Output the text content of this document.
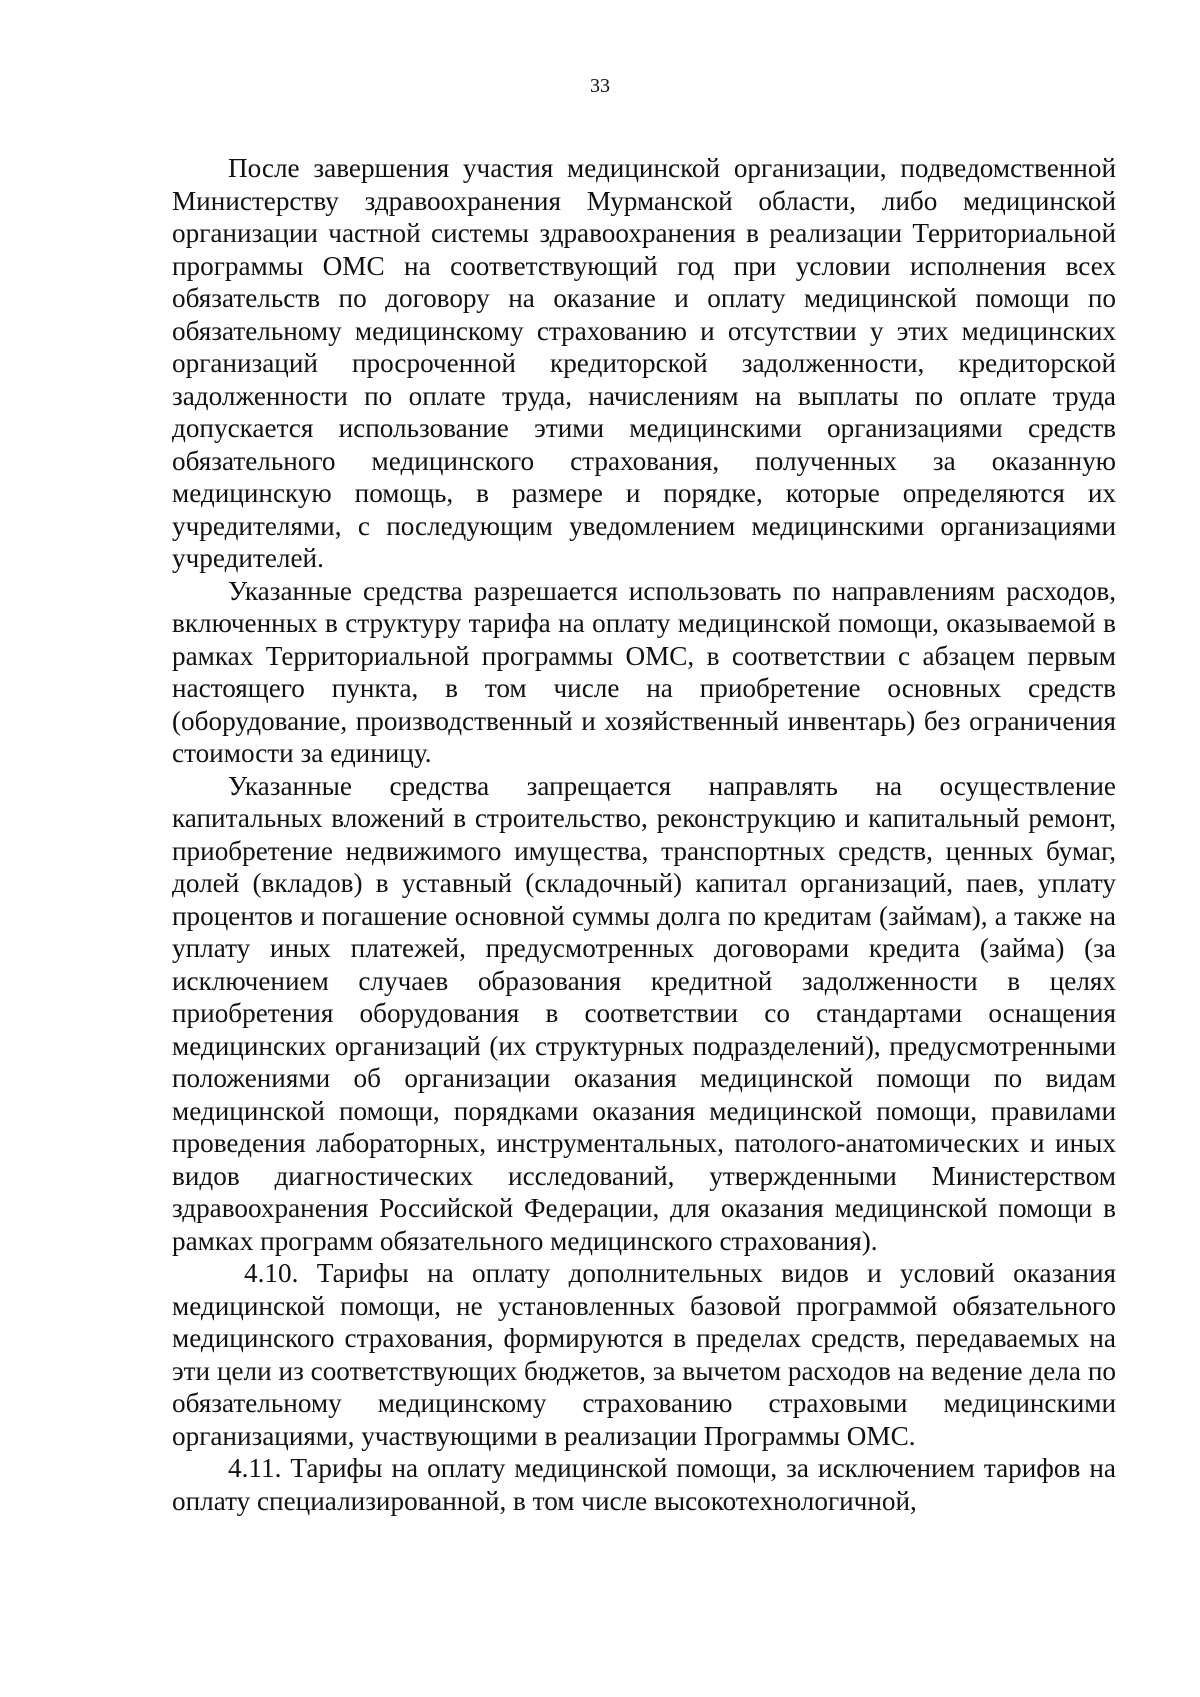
33

После завершения участия медицинской организации, подведомственной Министерству здравоохранения Мурманской области, либо медицинской организации частной системы здравоохранения в реализации Территориальной программы ОМС на соответствующий год при условии исполнения всех обязательств по договору на оказание и оплату медицинской помощи по обязательному медицинскому страхованию и отсутствии у этих медицинских организаций просроченной кредиторской задолженности, кредиторской задолженности по оплате труда, начислениям на выплаты по оплате труда допускается использование этими медицинскими организациями средств обязательного медицинского страхования, полученных за оказанную медицинскую помощь, в размере и порядке, которые определяются их учредителями, с последующим уведомлением медицинскими организациями учредителей.

Указанные средства разрешается использовать по направлениям расходов, включенных в структуру тарифа на оплату медицинской помощи, оказываемой в рамках Территориальной программы ОМС, в соответствии с абзацем первым настоящего пункта, в том числе на приобретение основных средств (оборудование, производственный и хозяйственный инвентарь) без ограничения стоимости за единицу.

Указанные средства запрещается направлять на осуществление капитальных вложений в строительство, реконструкцию и капитальный ремонт, приобретение недвижимого имущества, транспортных средств, ценных бумаг, долей (вкладов) в уставный (складочный) капитал организаций, паев, уплату процентов и погашение основной суммы долга по кредитам (займам), а также на уплату иных платежей, предусмотренных договорами кредита (займа) (за исключением случаев образования кредитной задолженности в целях приобретения оборудования в соответствии со стандартами оснащения медицинских организаций (их структурных подразделений), предусмотренными положениями об организации оказания медицинской помощи по видам медицинской помощи, порядками оказания медицинской помощи, правилами проведения лабораторных, инструментальных, патолого-анатомических и иных видов диагностических исследований, утвержденными Министерством здравоохранения Российской Федерации, для оказания медицинской помощи в рамках программ обязательного медицинского страхования).

4.10. Тарифы на оплату дополнительных видов и условий оказания медицинской помощи, не установленных базовой программой обязательного медицинского страхования, формируются в пределах средств, передаваемых на эти цели из соответствующих бюджетов, за вычетом расходов на ведение дела по обязательному медицинскому страхованию страховыми медицинскими организациями, участвующими в реализации Программы ОМС.

4.11. Тарифы на оплату медицинской помощи, за исключением тарифов на оплату специализированной, в том числе высокотехнологичной,
